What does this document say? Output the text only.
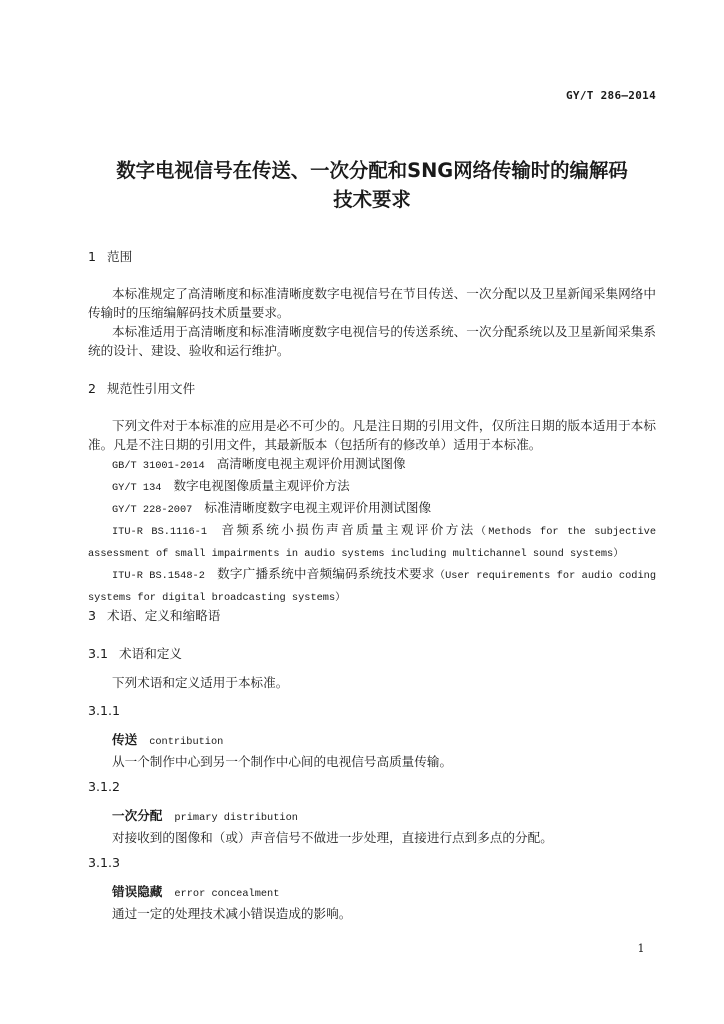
GY/T 286—2014
数字电视信号在传送、一次分配和SNG网络传输时的编解码
技术要求
1 范围

本标准规定了高清晰度和标准清晰度数字电视信号在节目传送、一次分配以及卫星新闻采集网络中传输时的压缩编解码技术质量要求。

本标准适用于高清晰度和标准清晰度数字电视信号的传送系统、一次分配系统以及卫星新闻采集系统的设计、建设、验收和运行维护。

2 规范性引用文件

下列文件对于本标准的应用是必不可少的。凡是注日期的引用文件，仅所注日期的版本适用于本标准。凡是不注日期的引用文件，其最新版本（包括所有的修改单）适用于本标准。

GB/T 31001-2014 高清晰度电视主观评价用测试图像

GY/T 134 数字电视图像质量主观评价方法

GY/T 228-2007 标准清晰度数字电视主观评价用测试图像

ITU-R BS.1116-1 音频系统小损伤声音质量主观评价方法（Methods for the subjective assessment of small impairments in audio systems including multichannel sound systems）

ITU-R BS.1548-2 数字广播系统中音频编码系统技术要求（User requirements for audio coding systems for digital broadcasting systems）

3 术语、定义和缩略语
3.1 术语和定义
下列术语和定义适用于本标准。
3.1.1
传送 contribution
从一个制作中心到另一个制作中心间的电视信号高质量传输。
3.1.2
一次分配 primary distribution
对接收到的图像和（或）声音信号不做进一步处理，直接进行点到多点的分配。
3.1.3
错误隐藏 error concealment
通过一定的处理技术减小错误造成的影响。
1
